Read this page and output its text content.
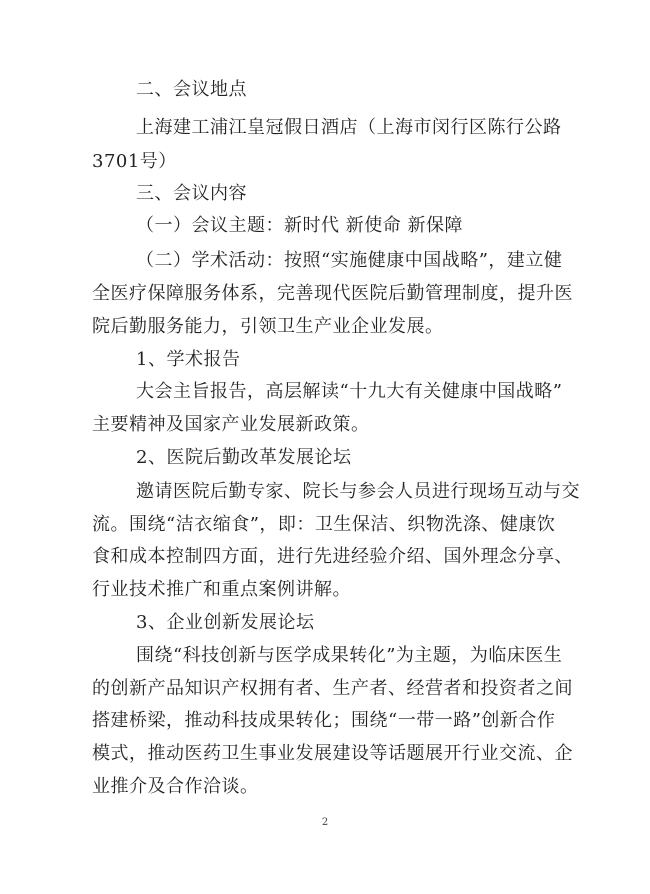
二、会议地点
上海建工浦江皇冠假日酒店（上海市闵行区陈行公路
3701号）
三、会议内容
（一）会议主题：新时代 新使命 新保障
（二）学术活动：按照“实施健康中国战略”，建立健
全医疗保障服务体系，完善现代医院后勤管理制度，提升医
院后勤服务能力，引领卫生产业企业发展。
1、学术报告
大会主旨报告，高层解读“十九大有关健康中国战略”
主要精神及国家产业发展新政策。
2、医院后勤改革发展论坛
邀请医院后勤专家、院长与参会人员进行现场互动与交
流。围绕“洁衣缩食”，即：卫生保洁、织物洗涤、健康饮
食和成本控制四方面，进行先进经验介绍、国外理念分享、
行业技术推广和重点案例讲解。
3、企业创新发展论坛
围绕“科技创新与医学成果转化”为主题，为临床医生
的创新产品知识产权拥有者、生产者、经营者和投资者之间
搭建桥梁，推动科技成果转化；围绕“一带一路”创新合作
模式，推动医药卫生事业发展建设等话题展开行业交流、企
业推介及合作洽谈。
2
